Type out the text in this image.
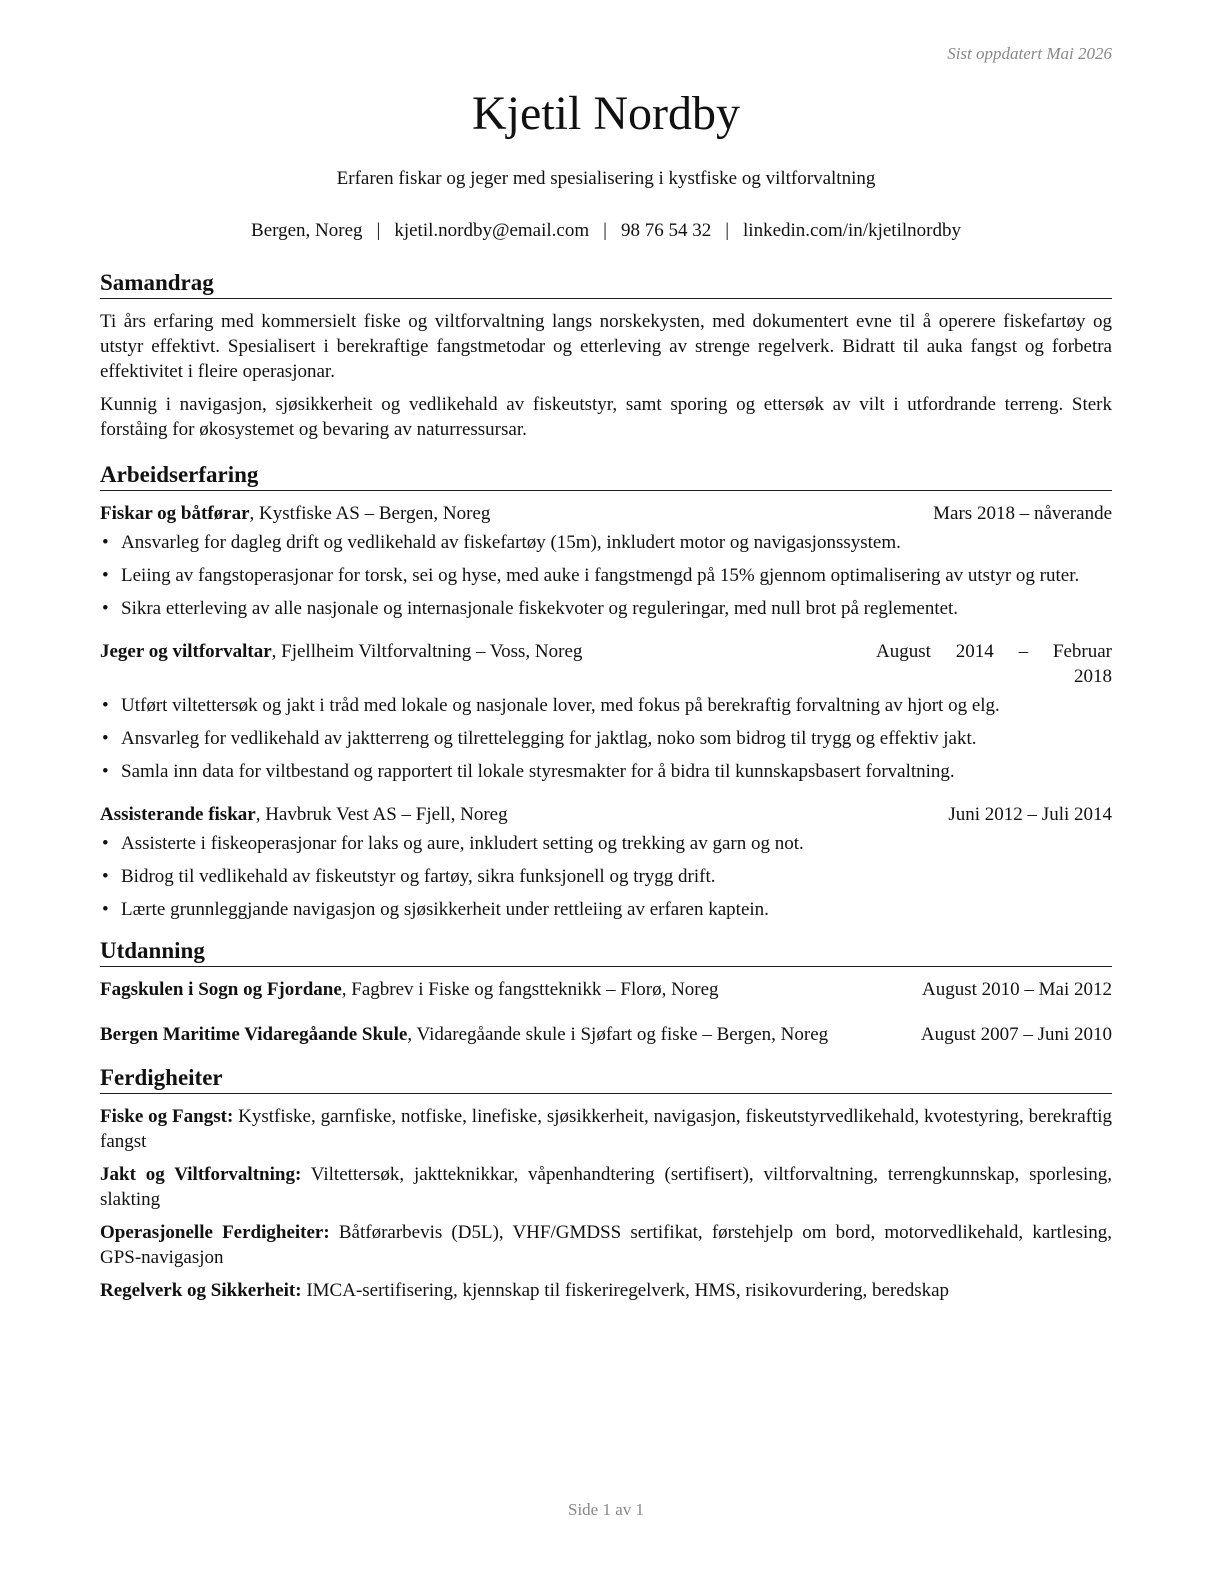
Sist oppdatert Mai 2026
Kjetil Nordby
Erfaren fiskar og jeger med spesialisering i kystfiske og viltforvaltning
Bergen, Noreg | kjetil.nordby@email.com | 98 76 54 32 | linkedin.com/in/kjetilnordby
Samandrag

Ti års erfaring med kommersielt fiske og viltforvaltning langs norskekysten, med dokumentert evne til å operere fiskefartøy og utstyr effektivt. Spesialisert i berekraftige fangstmetodar og etterleving av strenge regelverk. Bidratt til auka fangst og forbetra effektivitet i fleire operasjonar.

Kunnig i navigasjon, sjøsikkerheit og vedlikehald av fiskeutstyr, samt sporing og ettersøk av vilt i utfordrande terreng. Sterk forståing for økosystemet og bevaring av naturressursar.

Arbeidserfaring
Fiskar og båtførar, Kystfiske AS – Bergen, Noreg	Mars 2018 – nåverande
• Ansvarleg for dagleg drift og vedlikehald av fiskefartøy (15m), inkludert motor og navigasjonssystem.
• Leiing av fangstoperasjonar for torsk, sei og hyse, med auke i fangstmengd på 15% gjennom optimalisering av utstyr og ruter.
• Sikra etterleving av alle nasjonale og internasjonale fiskekvoter og reguleringar, med null brot på reglementet.
Jeger og viltforvaltar, Fjellheim Viltforvaltning – Voss, Noreg	August 2014 – Februar 2018
• Utført viltettersøk og jakt i tråd med lokale og nasjonale lover, med fokus på berekraftig forvaltning av hjort og elg.
• Ansvarleg for vedlikehald av jaktterreng og tilrettelegging for jaktlag, noko som bidrog til trygg og effektiv jakt.
• Samla inn data for viltbestand og rapportert til lokale styresmakter for å bidra til kunnskapsbasert forvaltning.
Assisterande fiskar, Havbruk Vest AS – Fjell, Noreg	Juni 2012 – Juli 2014
• Assisterte i fiskeoperasjonar for laks og aure, inkludert setting og trekking av garn og not.
• Bidrog til vedlikehald av fiskeutstyr og fartøy, sikra funksjonell og trygg drift.
• Lærte grunnleggjande navigasjon og sjøsikkerheit under rettleiing av erfaren kaptein.
Utdanning
Fagskulen i Sogn og Fjordane, Fagbrev i Fiske og fangstteknikk – Florø, Noreg	August 2010 – Mai 2012
Bergen Maritime Vidaregåande Skule, Vidaregåande skule i Sjøfart og fiske – Bergen, Noreg	August 2007 – Juni 2010
Ferdigheiter

Fiske og Fangst: Kystfiske, garnfiske, notfiske, linefiske, sjøsikkerheit, navigasjon, fiskeutstyrvedlikehald, kvotestyring, berekraftig fangst

Jakt og Viltforvaltning: Viltettersøk, jaktteknikkar, våpenhandtering (sertifisert), viltforvaltning, terrengkunnskap, sporlesing, slakting

Operasjonelle Ferdigheiter: Båtførarbevis (D5L), VHF/GMDSS sertifikat, førstehjelp om bord, motorvedlikehald, kartlesing, GPS-navigasjon

Regelverk og Sikkerheit: IMCA-sertifisering, kjennskap til fiskeriregelverk, HMS, risikovurdering, beredskap

Side 1 av 1
